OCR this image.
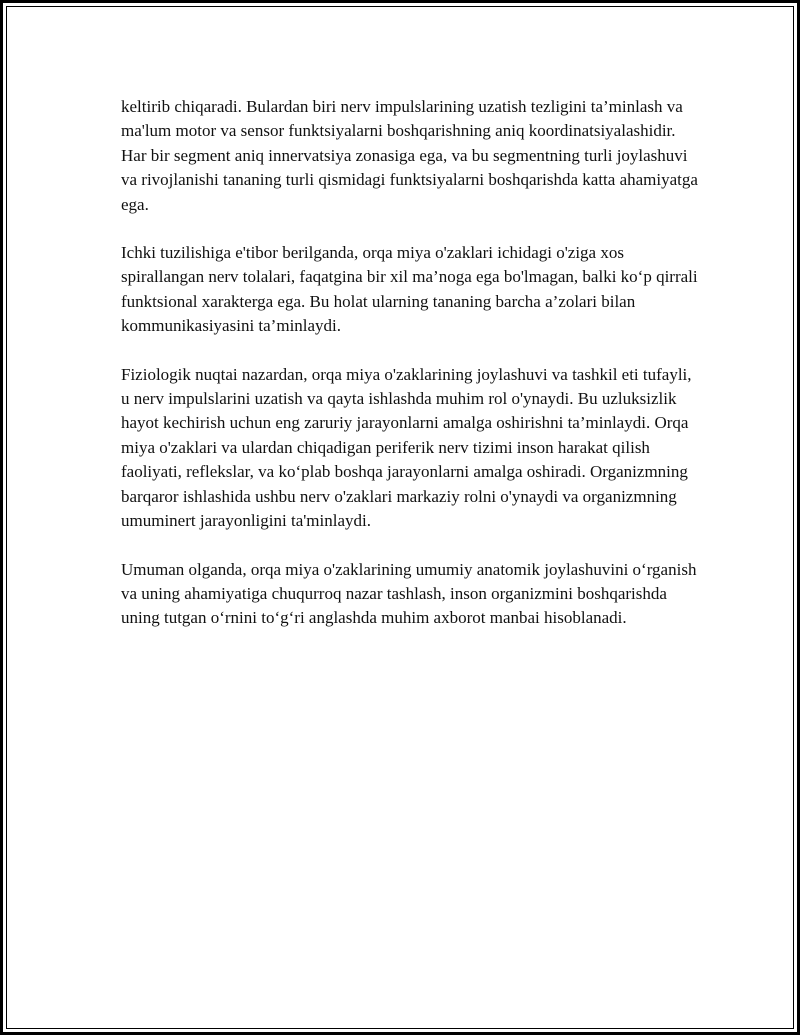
keltirib chiqaradi. Bulardan biri nerv impulslarining uzatish tezligini ta’minlash va ma'lum motor va sensor funktsiyalarni boshqarishning aniq koordinatsiyalashidir. Har bir segment aniq innervatsiya zonasiga ega, va bu segmentning turli joylashuvi va rivojlanishi tananing turli qismidagi funktsiyalarni boshqarishda katta ahamiyatga ega.

Ichki tuzilishiga e'tibor berilganda, orqa miya o'zaklari ichidagi o'ziga xos spirallangan nerv tolalari, faqatgina bir xil ma’noga ega bo'lmagan, balki ko‘p qirrali funktsional xarakterga ega. Bu holat ularning tananing barcha a’zolari bilan kommunikasiyasini ta’minlaydi.

Fiziologik nuqtai nazardan, orqa miya o'zaklarining joylashuvi va tashkil eti tufayli, u nerv impulslarini uzatish va qayta ishlashda muhim rol o'ynaydi. Bu uzluksizlik hayot kechirish uchun eng zaruriy jarayonlarni amalga oshirishni ta’minlaydi. Orqa miya o'zaklari va ulardan chiqadigan periferik nerv tizimi inson harakat qilish faoliyati, reflekslar, va ko‘plab boshqa jarayonlarni amalga oshiradi. Organizmning barqaror ishlashida ushbu nerv o'zaklari markaziy rolni o'ynaydi va organizmning umuminert jarayonligini ta'minlaydi.

Umuman olganda, orqa miya o'zaklarining umumiy anatomik joylashuvini o‘rganish va uning ahamiyatiga chuqurroq nazar tashlash, inson organizmini boshqarishda uning tutgan o‘rnini to‘g‘ri anglashda muhim axborot manbai hisoblanadi.
